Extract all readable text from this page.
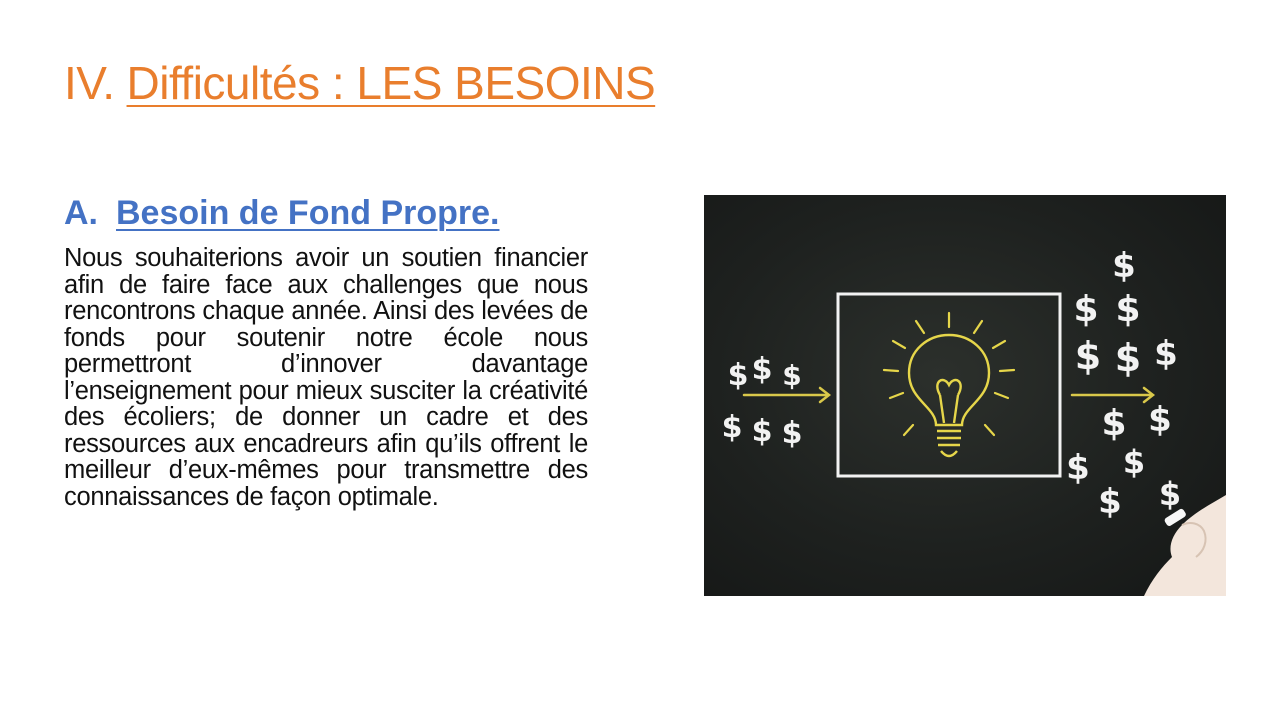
IV. Difficultés : LES BESOINS
A. Besoin de Fond Propre.
Nous souhaiterions avoir un soutien financier afin de faire face aux challenges que nous rencontrons chaque année. Ainsi des levées de fonds pour soutenir notre école nous permettront d’innover davantage l’enseignement pour mieux susciter la créativité des écoliers; de donner un cadre et des ressources aux encadreurs afin qu’ils offrent le meilleur d’eux-mêmes pour transmettre des connaissances de façon optimale.
$ $ $
$ $ $
$
$ $
$ $ $
$ $
$ $
$ $
